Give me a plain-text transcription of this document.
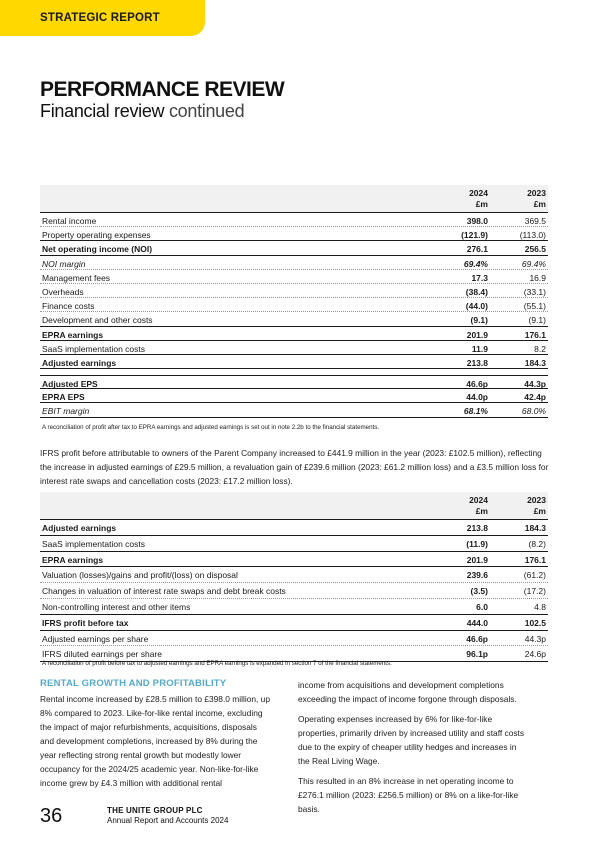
STRATEGIC REPORT
PERFORMANCE REVIEW
Financial review continued
2024
£m
2023
£m
Rental income	398.0	369.5
Property operating expenses	(121.9)	(113.0)
Net operating income (NOI)	276.1	256.5
NOI margin	69.4%	69.4%
Management fees	17.3	16.9
Overheads	(38.4)	(33.1)
Finance costs	(44.0)	(55.1)
Development and other costs	(9.1)	(9.1)
EPRA earnings	201.9	176.1
SaaS implementation costs	11.9	8.2
Adjusted earnings	213.8	184.3
Adjusted EPS	46.6p	44.3p
EPRA EPS	44.0p	42.4p
EBIT margin	68.1%	68.0%
A reconciliation of profit after tax to EPRA earnings and adjusted earnings is set out in note 2.2b to the financial statements.
IFRS profit before attributable to owners of the Parent Company increased to £441.9 million in the year (2023: £102.5 million), reflecting the increase in adjusted earnings of £29.5 million, a revaluation gain of £239.6 million (2023: £61.2 million loss) and a £3.5 million loss for interest rate swaps and cancellation costs (2023: £17.2 million loss).
2024
£m
2023
£m
Adjusted earnings	213.8	184.3
SaaS implementation costs	(11.9)	(8.2)
EPRA earnings	201.9	176.1
Valuation (losses)/gains and profit/(loss) on disposal	239.6	(61.2)
Changes in valuation of interest rate swaps and debt break costs	(3.5)	(17.2)
Non-controlling interest and other items	6.0	4.8
IFRS profit before tax	444.0	102.5
Adjusted earnings per share	46.6p	44.3p
IFRS diluted earnings per share	96.1p	24.6p
A reconciliation of profit before tax to adjusted earnings and EPRA earnings is expanded in section 7 of the financial statements.
RENTAL GROWTH AND PROFITABILITY
Rental income increased by £28.5 million to £398.0 million, up 8% compared to 2023. Like-for-like rental income, excluding the impact of major refurbishments, acquisitions, disposals and development completions, increased by 8% during the year reflecting strong rental growth but modestly lower occupancy for the 2024/25 academic year. Non-like-for-like income grew by £4.3 million with additional rental
income from acquisitions and development completions exceeding the impact of income forgone through disposals.
Operating expenses increased by 6% for like-for-like properties, primarily driven by increased utility and staff costs due to the expiry of cheaper utility hedges and increases in the Real Living Wage.
This resulted in an 8% increase in net operating income to £276.1 million (2023: £256.5 million) or 8% on a like-for-like basis.
36	THE UNITE GROUP PLC
Annual Report and Accounts 2024
